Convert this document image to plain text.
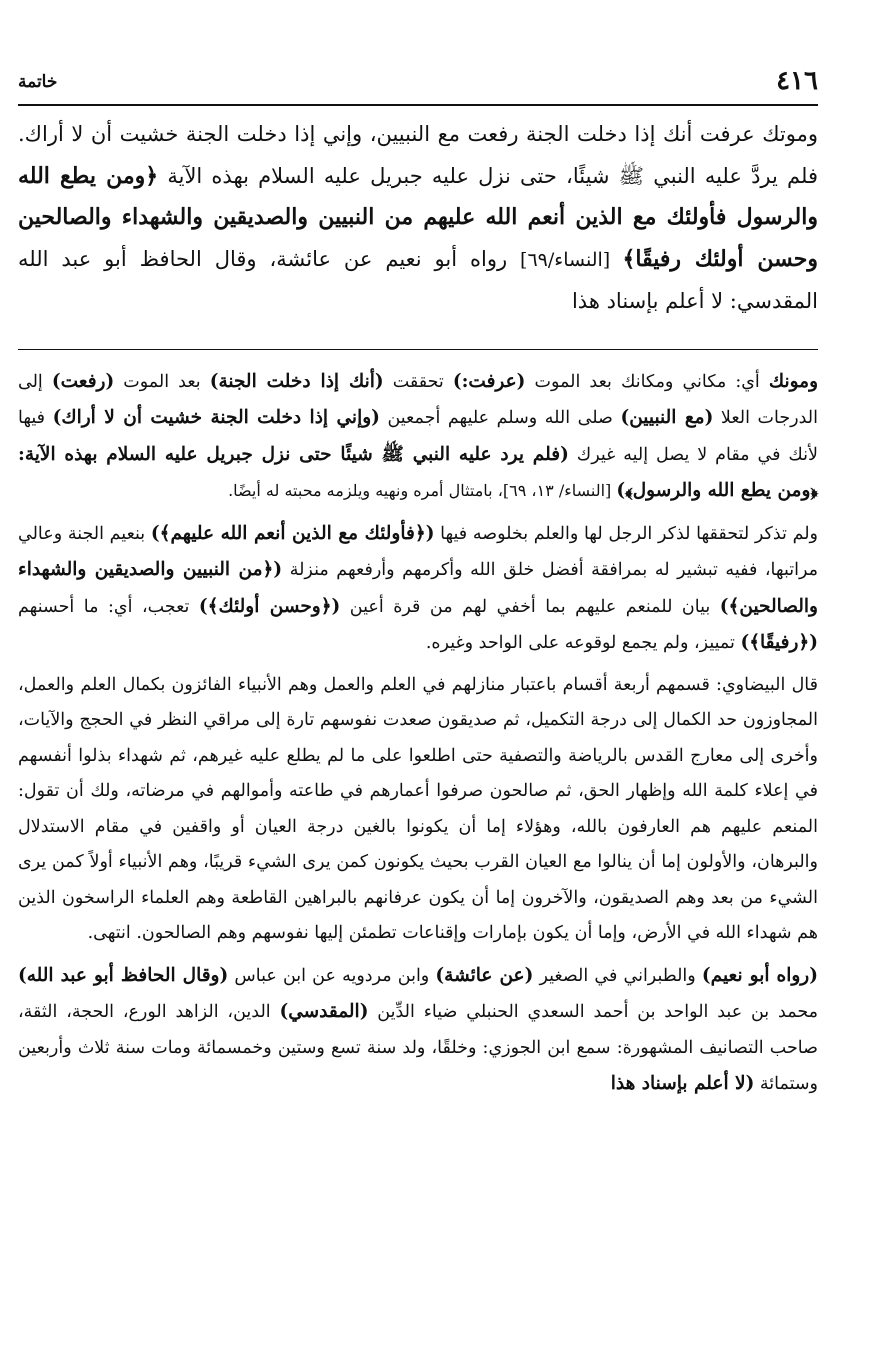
٤١٦
خاتمة

وموتك عرفت أنك إذا دخلت الجنة رفعت مع النبيين، وإني إذا دخلت الجنة خشيت أن لا أراك. فلم يردَّ عليه النبي ﷺ شيئًا، حتى نزل عليه جبريل عليه السلام بهذه الآية ﴿ومن يطع الله والرسول فأولئك مع الذين أنعم الله عليهم من النبيين والصديقين والشهداء والصالحين وحسن أولئك رفيقًا﴾ [النساء/٦٩] رواه أبو نعيم عن عائشة، وقال الحافظ أبو عبد الله المقدسي: لا أعلم بإسناد هذا

ومونك أي: مكاني ومكانك بعد الموت (عرفت:) تحققت (أنك إذا دخلت الجنة) بعد الموت (رفعت) إلى الدرجات العلا (مع النبيين) صلى الله وسلم عليهم أجمعين (وإني إذا دخلت الجنة خشيت أن لا أراك) فيها لأنك في مقام لا يصل إليه غيرك (فلم يرد عليه النبي ﷺ شيئًا حتى نزل جبريل عليه السلام بهذه الآية: ﴿ومن يطع الله والرسول﴾) [النساء/ ١٣، ٦٩]، بامتثال أمره ونهيه ويلزمه محبته له أيضًا.

ولم تذكر لتحققها لذكر الرجل لها والعلم بخلوصه فيها (﴿فأولئك مع الذين أنعم الله عليهم﴾) بنعيم الجنة وعالي مراتبها، ففيه تبشير له بمرافقة أفضل خلق الله وأكرمهم وأرفعهم منزلة (﴿من النبيين والصديقين والشهداء والصالحين﴾) بيان للمنعم عليهم بما أخفي لهم من قرة أعين (﴿وحسن أولئك﴾) تعجب، أي: ما أحسنهم (﴿رفيقًا﴾) تمييز، ولم يجمع لوقوعه على الواحد وغيره.

قال البيضاوي: قسمهم أربعة أقسام باعتبار منازلهم في العلم والعمل وهم الأنبياء الفائزون بكمال العلم والعمل، المجاوزون حد الكمال إلى درجة التكميل، ثم صديقون صعدت نفوسهم تارة إلى مراقي النظر في الحجج والآيات، وأخرى إلى معارج القدس بالرياضة والتصفية حتى اطلعوا على ما لم يطلع عليه غيرهم، ثم شهداء بذلوا أنفسهم في إعلاء كلمة الله وإظهار الحق، ثم صالحون صرفوا أعمارهم في طاعته وأموالهم في مرضاته، ولك أن تقول: المنعم عليهم هم العارفون بالله، وهؤلاء إما أن يكونوا بالغين درجة العيان أو واقفين في مقام الاستدلال والبرهان، والأولون إما أن ينالوا مع العيان القرب بحيث يكونون كمن يرى الشيء قريبًا، وهم الأنبياء أولاً كمن يرى الشيء من بعد وهم الصديقون، والآخرون إما أن يكون عرفانهم بالبراهين القاطعة وهم العلماء الراسخون الذين هم شهداء الله في الأرض، وإما أن يكون بإمارات وإقناعات تطمئن إليها نفوسهم وهم الصالحون. انتهى.

(رواه أبو نعيم) والطبراني في الصغير (عن عائشة) وابن مردويه عن ابن عباس (وقال الحافظ أبو عبد الله) محمد بن عبد الواحد بن أحمد السعدي الحنبلي ضياء الدِّين (المقدسي) الدين، الزاهد الورع، الحجة، الثقة، صاحب التصانيف المشهورة: سمع ابن الجوزي: وخلقًا، ولد سنة تسع وستين وخمسمائة ومات سنة ثلاث وأربعين وستمائة (لا أعلم بإسناد هذا
